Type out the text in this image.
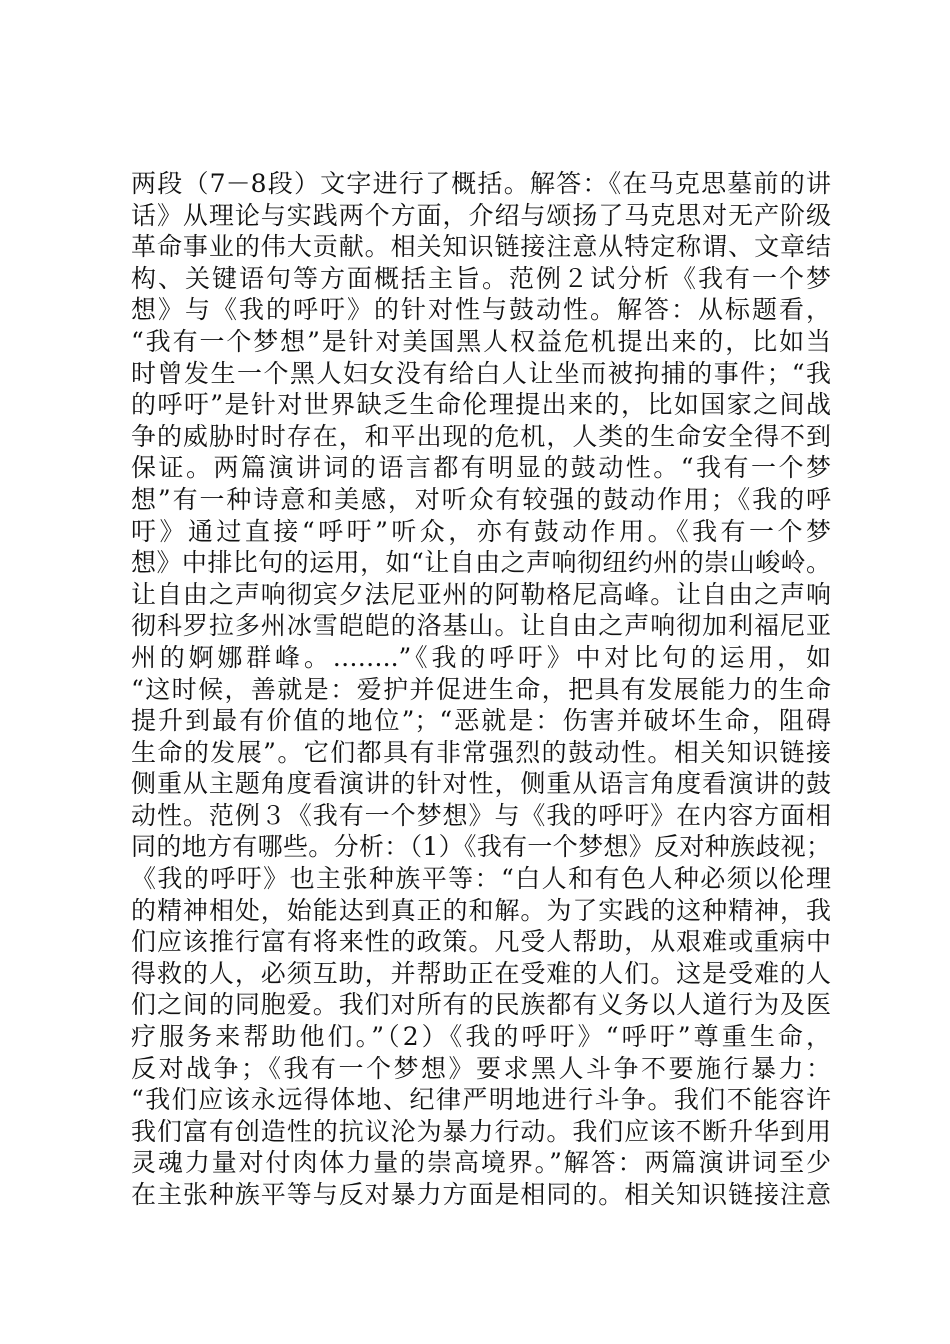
两段（7－8段）文字进行了概括。解答：《在马克思墓前的讲
话》从理论与实践两个方面，介绍与颂扬了马克思对无产阶级
革命事业的伟大贡献。相关知识链接注意从特定称谓、文章结
构、关键语句等方面概括主旨。范例２试分析《我有一个梦
想》与《我的呼吁》的针对性与鼓动性。解答：从标题看，
“我有一个梦想”是针对美国黑人权益危机提出来的，比如当
时曾发生一个黑人妇女没有给白人让坐而被拘捕的事件；“我
的呼吁”是针对世界缺乏生命伦理提出来的，比如国家之间战
争的威胁时时存在，和平出现的危机，人类的生命安全得不到
保证。两篇演讲词的语言都有明显的鼓动性。“我有一个梦
想”有一种诗意和美感，对听众有较强的鼓动作用；《我的呼
吁》通过直接“呼吁”听众，亦有鼓动作用。《我有一个梦
想》中排比句的运用，如“让自由之声响彻纽约州的崇山峻岭。
让自由之声响彻宾夕法尼亚州的阿勒格尼高峰。让自由之声响
彻科罗拉多州冰雪皑皑的洛基山。让自由之声响彻加利福尼亚
州的婀娜群峰。……..”《我的呼吁》中对比句的运用，如
“这时候，善就是：爱护并促进生命，把具有发展能力的生命
提升到最有价值的地位”；“恶就是：伤害并破坏生命，阻碍
生命的发展”。它们都具有非常强烈的鼓动性。相关知识链接
侧重从主题角度看演讲的针对性，侧重从语言角度看演讲的鼓
动性。范例３《我有一个梦想》与《我的呼吁》在内容方面相
同的地方有哪些。分析：（1）《我有一个梦想》反对种族歧视；
《我的呼吁》也主张种族平等：“白人和有色人种必须以伦理
的精神相处，始能达到真正的和解。为了实践的这种精神，我
们应该推行富有将来性的政策。凡受人帮助，从艰难或重病中
得救的人，必须互助，并帮助正在受难的人们。这是受难的人
们之间的同胞爱。我们对所有的民族都有义务以人道行为及医
疗服务来帮助他们。”（2）《我的呼吁》“呼吁”尊重生命，
反对战争；《我有一个梦想》要求黑人斗争不要施行暴力：
“我们应该永远得体地、纪律严明地进行斗争。我们不能容许
我们富有创造性的抗议沦为暴力行动。我们应该不断升华到用
灵魂力量对付肉体力量的崇高境界。”解答：两篇演讲词至少
在主张种族平等与反对暴力方面是相同的。相关知识链接注意
